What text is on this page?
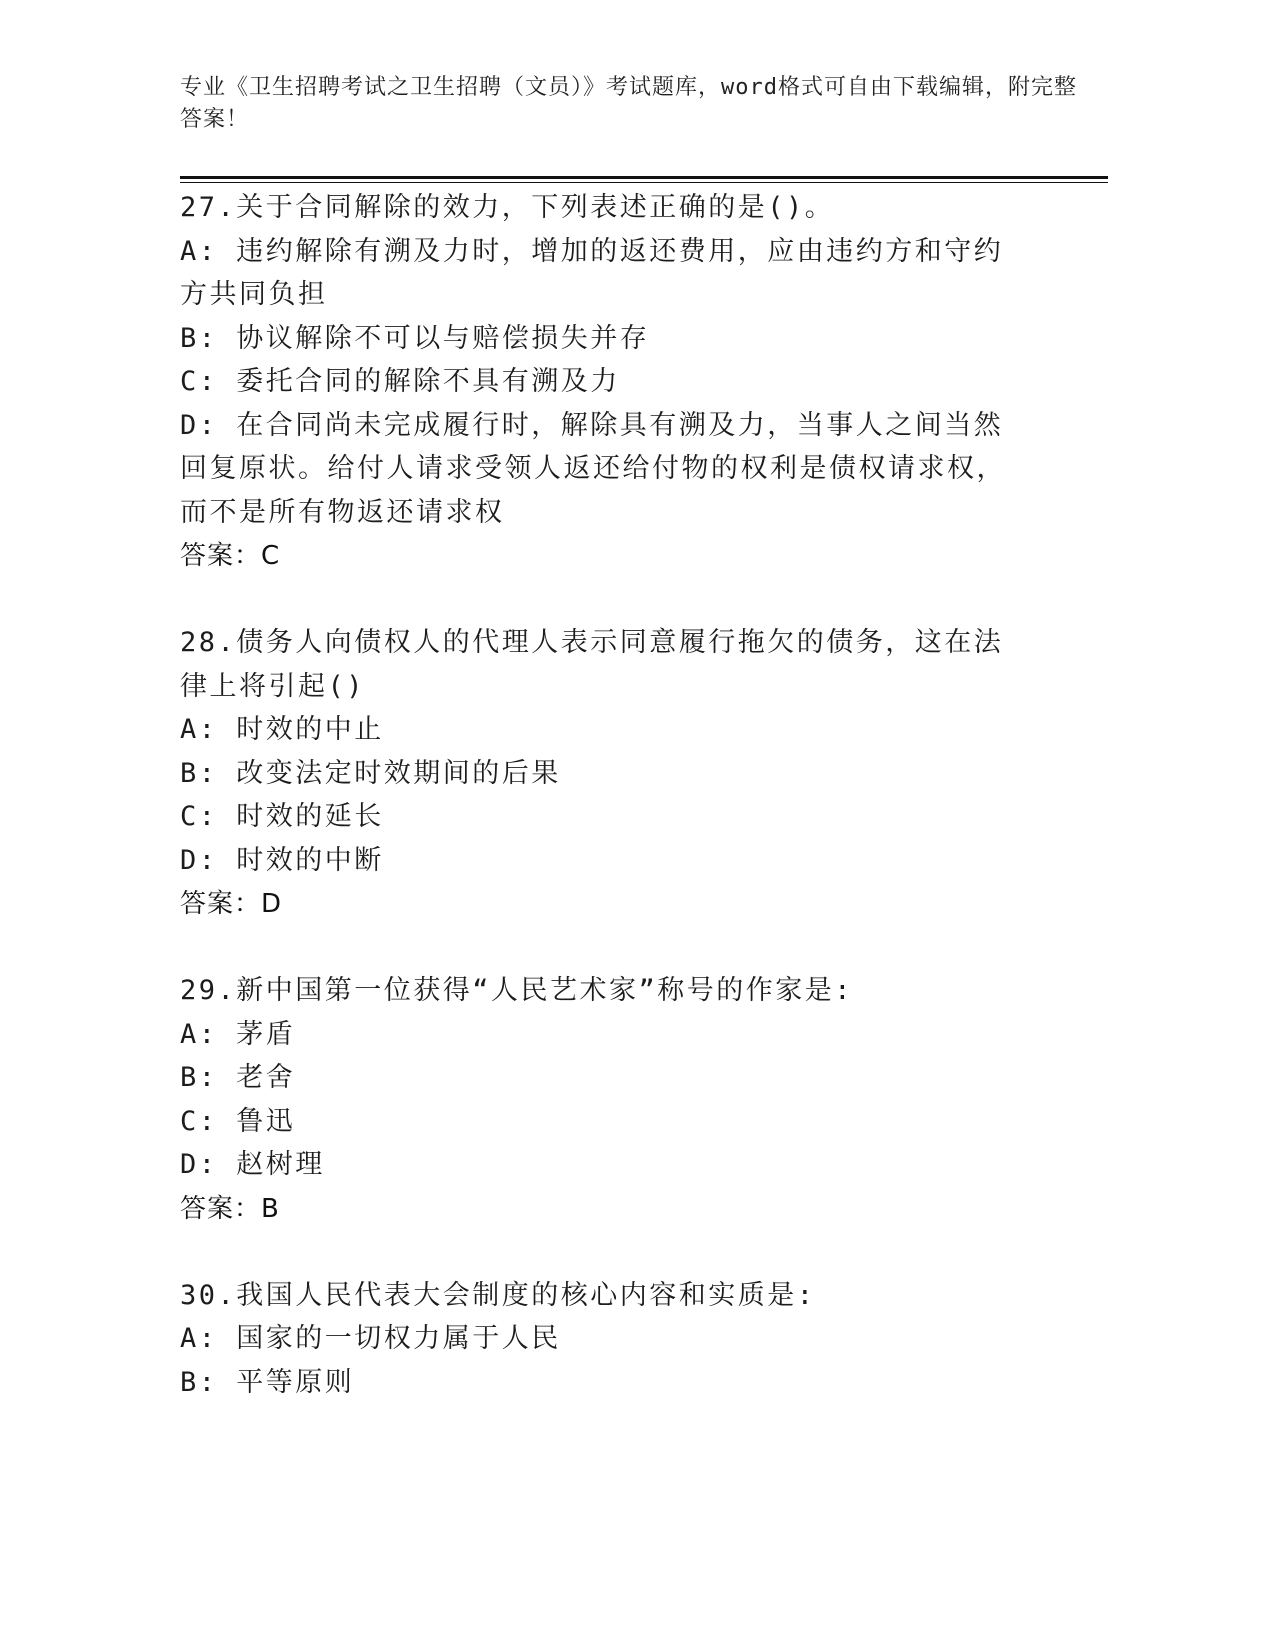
专业《卫生招聘考试之卫生招聘（文员）》考试题库，word格式可自由下载编辑，附完整答案！
27.关于合同解除的效力，下列表述正确的是()。
A: 违约解除有溯及力时，增加的返还费用，应由违约方和守约方共同负担
B: 协议解除不可以与赔偿损失并存
C: 委托合同的解除不具有溯及力
D: 在合同尚未完成履行时，解除具有溯及力，当事人之间当然回复原状。给付人请求受领人返还给付物的权利是债权请求权，而不是所有物返还请求权
答案：C
28.债务人向债权人的代理人表示同意履行拖欠的债务，这在法律上将引起()
A: 时效的中止
B: 改变法定时效期间的后果
C: 时效的延长
D: 时效的中断
答案：D
29.新中国第一位获得“人民艺术家”称号的作家是:
A: 茅盾
B: 老舍
C: 鲁迅
D: 赵树理
答案：B
30.我国人民代表大会制度的核心内容和实质是:
A: 国家的一切权力属于人民
B: 平等原则
